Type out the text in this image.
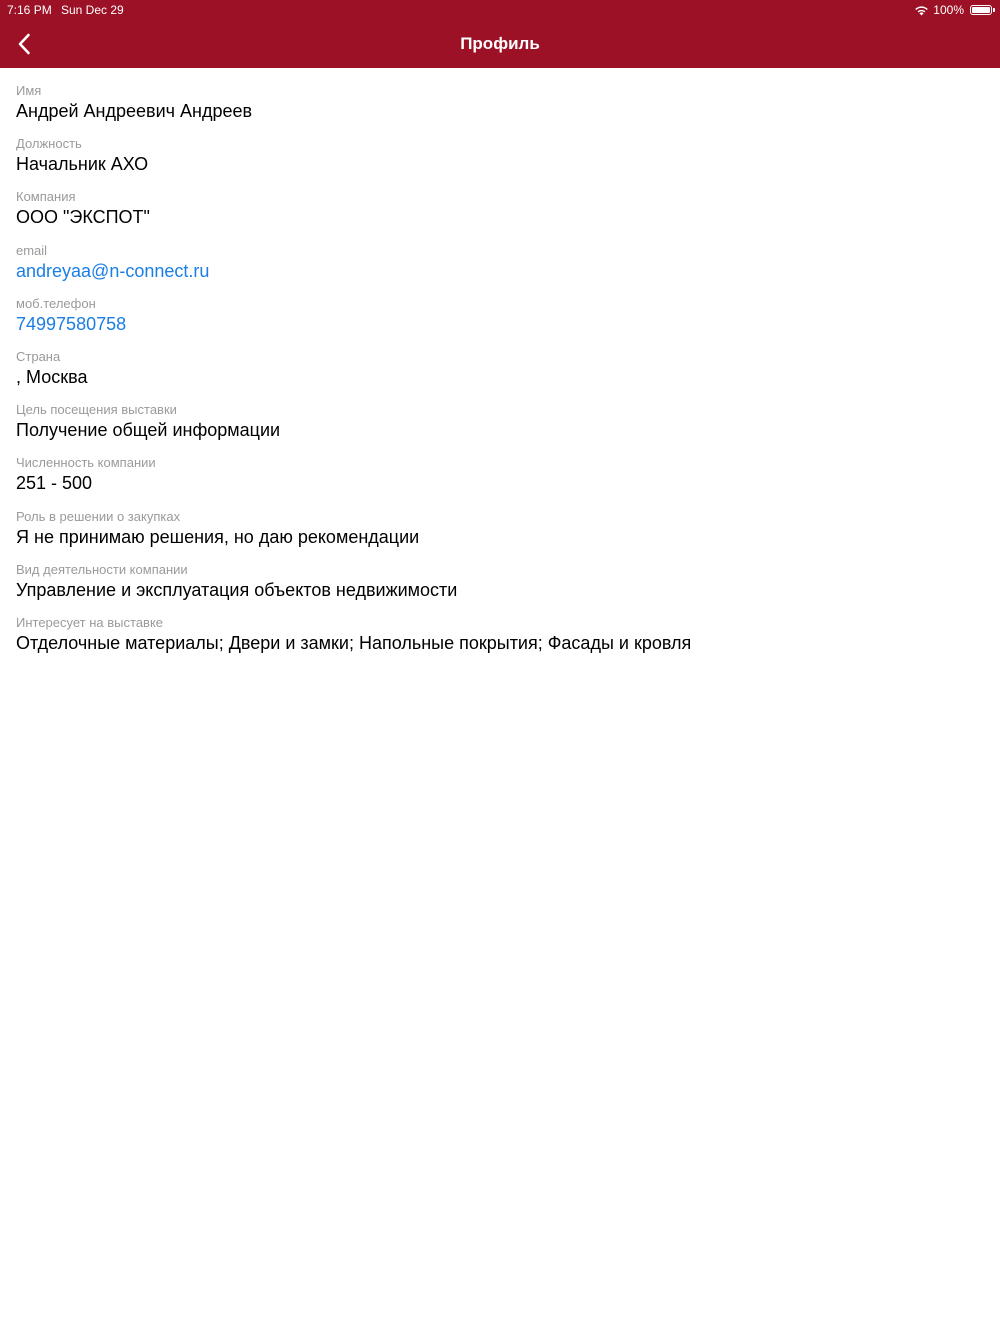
7:16 PM Sun Dec 29	100%
Профиль
Имя
Андрей Андреевич Андреев
Должность
Начальник АХО
Компания
ООО "ЭКСПОТ"
email
andreyaa@n-connect.ru
моб.телефон
74997580758
Страна
, Москва
Цель посещения выставки
Получение общей информации
Численность компании
251 - 500
Роль в решении о закупках
Я не принимаю решения, но даю рекомендации
Вид деятельности компании
Управление и эксплуатация объектов недвижимости
Интересует на выставке
Отделочные материалы; Двери и замки; Напольные покрытия; Фасады и кровля
